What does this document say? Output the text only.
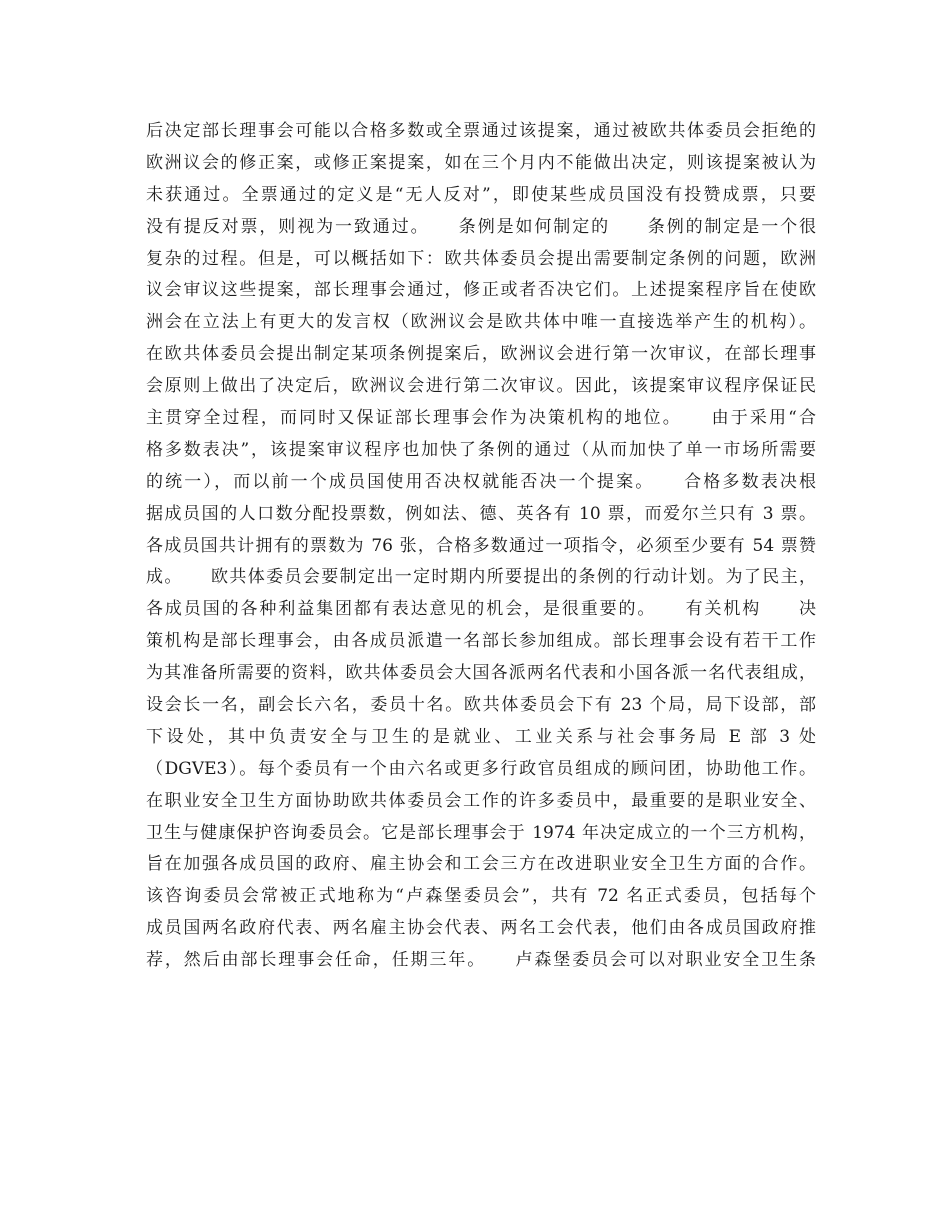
后决定部长理事会可能以合格多数或全票通过该提案，通过被欧共体委员会拒绝的
欧洲议会的修正案，或修正案提案，如在三个月内不能做出决定，则该提案被认为
未获通过。全票通过的定义是“无人反对”，即使某些成员国没有投赞成票，只要
没有提反对票，则视为一致通过。　　条例是如何制定的　　条例的制定是一个很
复杂的过程。但是，可以概括如下：欧共体委员会提出需要制定条例的问题，欧洲
议会审议这些提案，部长理事会通过，修正或者否决它们。上述提案程序旨在使欧
洲会在立法上有更大的发言权（欧洲议会是欧共体中唯一直接选举产生的机构）。
在欧共体委员会提出制定某项条例提案后，欧洲议会进行第一次审议，在部长理事
会原则上做出了决定后，欧洲议会进行第二次审议。因此，该提案审议程序保证民
主贯穿全过程，而同时又保证部长理事会作为决策机构的地位。　　由于采用“合
格多数表决”，该提案审议程序也加快了条例的通过（从而加快了单一市场所需要
的统一），而以前一个成员国使用否决权就能否决一个提案。　　合格多数表决根
据成员国的人口数分配投票数，例如法、德、英各有 10 票，而爱尔兰只有 3 票。
各成员国共计拥有的票数为 76 张，合格多数通过一项指令，必须至少要有 54 票赞
成。　　欧共体委员会要制定出一定时期内所要提出的条例的行动计划。为了民主，
各成员国的各种利益集团都有表达意见的机会，是很重要的。　　有关机构　　决
策机构是部长理事会，由各成员派遣一名部长参加组成。部长理事会设有若干工作
为其准备所需要的资料，欧共体委员会大国各派两名代表和小国各派一名代表组成，
设会长一名，副会长六名，委员十名。欧共体委员会下有 23 个局，局下设部，部
下设处，其中负责安全与卫生的是就业、工业关系与社会事务局 E 部 3 处
（DGVE3）。每个委员有一个由六名或更多行政官员组成的顾问团，协助他工作。
在职业安全卫生方面协助欧共体委员会工作的许多委员中，最重要的是职业安全、
卫生与健康保护咨询委员会。它是部长理事会于 1974 年决定成立的一个三方机构，
旨在加强各成员国的政府、雇主协会和工会三方在改进职业安全卫生方面的合作。
该咨询委员会常被正式地称为“卢森堡委员会”，共有 72 名正式委员，包括每个
成员国两名政府代表、两名雇主协会代表、两名工会代表，他们由各成员国政府推
荐，然后由部长理事会任命，任期三年。　　卢森堡委员会可以对职业安全卫生条
